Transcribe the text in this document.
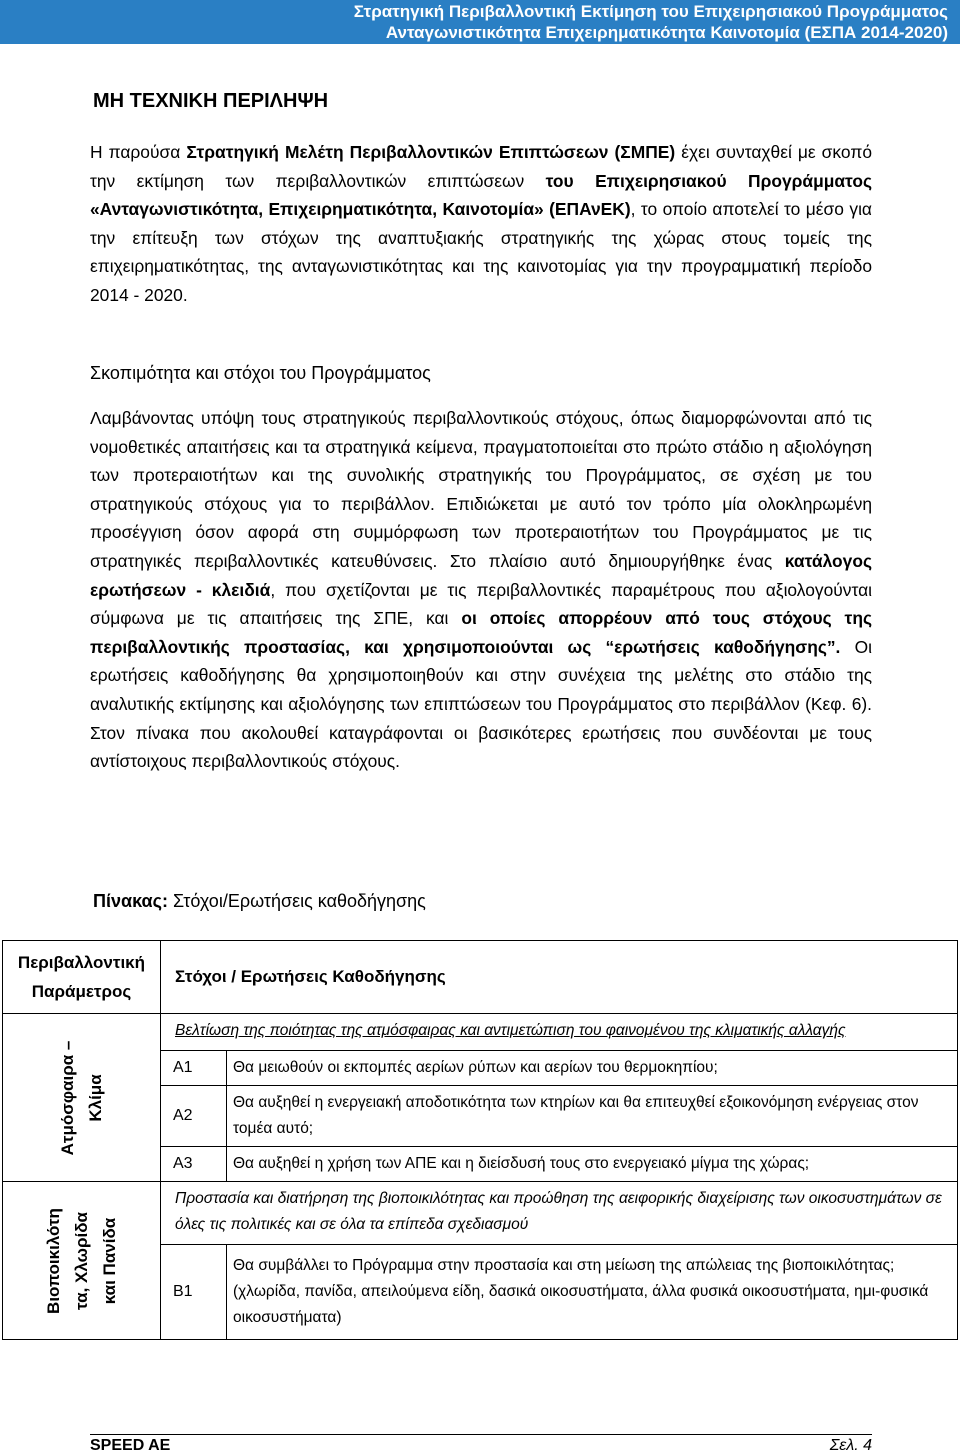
Στρατηγική Περιβαλλοντική Εκτίμηση του Επιχειρησιακού Προγράμματος
Ανταγωνιστικότητα Επιχειρηματικότητα Καινοτομία (ΕΣΠΑ 2014-2020)
ΜΗ ΤΕΧΝΙΚΗ ΠΕΡΙΛΗΨΗ

Η παρούσα Στρατηγική Μελέτη Περιβαλλοντικών Επιπτώσεων (ΣΜΠΕ) έχει συνταχθεί με σκοπό την εκτίμηση των περιβαλλοντικών επιπτώσεων του Επιχειρησιακού Προγράμματος «Ανταγωνιστικότητα, Επιχειρηματικότητα, Καινοτομία» (ΕΠΑνΕΚ), το οποίο αποτελεί το μέσο για την επίτευξη των στόχων της αναπτυξιακής στρατηγικής της χώρας στους τομείς της επιχειρηματικότητας, της ανταγωνιστικότητας και της καινοτομίας για την προγραμματική περίοδο 2014 - 2020.

Σκοπιμότητα και στόχοι του Προγράμματος

Λαμβάνοντας υπόψη τους στρατηγικούς περιβαλλοντικούς στόχους, όπως διαμορφώνονται από τις νομοθετικές απαιτήσεις και τα στρατηγικά κείμενα, πραγματοποιείται στο πρώτο στάδιο η αξιολόγηση των προτεραιοτήτων και της συνολικής στρατηγικής του Προγράμματος, σε σχέση με του στρατηγικούς στόχους για το περιβάλλον. Επιδιώκεται με αυτό τον τρόπο μία ολοκληρωμένη προσέγγιση όσον αφορά στη συμμόρφωση των προτεραιοτήτων του Προγράμματος με τις στρατηγικές περιβαλλοντικές κατευθύνσεις. Στο πλαίσιο αυτό δημιουργήθηκε ένας κατάλογος ερωτήσεων - κλειδιά, που σχετίζονται με τις περιβαλλοντικές παραμέτρους που αξιολογούνται σύμφωνα με τις απαιτήσεις της ΣΠΕ, και οι οποίες απορρέουν από τους στόχους της περιβαλλοντικής προστασίας, και χρησιμοποιούνται ως “ερωτήσεις καθοδήγησης”. Οι ερωτήσεις καθοδήγησης θα χρησιμοποιηθούν και στην συνέχεια της μελέτης στο στάδιο της αναλυτικής εκτίμησης και αξιολόγησης των επιπτώσεων του Προγράμματος στο περιβάλλον (Κεφ. 6). Στον πίνακα που ακολουθεί καταγράφονται οι βασικότερες ερωτήσεις που συνδέονται με τους αντίστοιχους περιβαλλοντικούς στόχους.

Πίνακας: Στόχοι/Ερωτήσεις καθοδήγησης
Περιβαλλοντική Παράμετρος	Στόχοι / Ερωτήσεις Καθοδήγησης	

Ατμόσφαιρα – Κλίμα	Βελτίωση της ποιότητας της ατμόσφαιρας και αντιμετώπιση του φαινομένου της κλιματικής αλλαγής	
	Α1	Θα μειωθούν οι εκπομπές αερίων ρύπων και αερίων του θερμοκηπίου;
	Α2	Θα αυξηθεί η ενεργειακή αποδοτικότητα των κτηρίων και θα επιτευχθεί εξοικονόμηση ενέργειας στον τομέα αυτό;
	Α3	Θα αυξηθεί η χρήση των ΑΠΕ και η διείσδυσή τους στο ενεργειακό μίγμα της χώρας;

Βιοποικιλότη τα, Χλωρίδα και Πανίδα	Προστασία και διατήρηση της βιοποικιλότητας και προώθηση της αειφορικής διαχείρισης των οικοσυστημάτων σε όλες τις πολιτικές και σε όλα τα επίπεδα σχεδιασμού	
	Β1	Θα συμβάλλει το Πρόγραμμα στην προστασία και στη μείωση της απώλειας της βιοποικιλότητας; (χλωρίδα, πανίδα, απειλούμενα είδη, δασικά οικοσυστήματα, άλλα φυσικά οικοσυστήματα, ημι-φυσικά οικοσυστήματα)
SPEED AE	Σελ. 4
